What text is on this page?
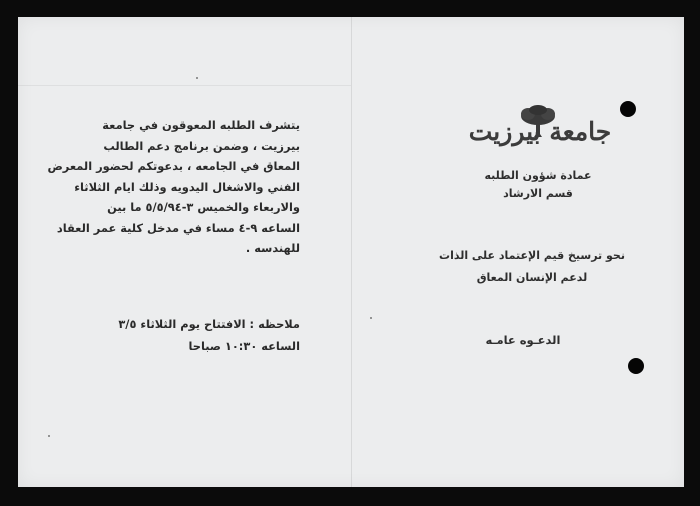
يتشرف الطلبه المعوقون في جامعة

بيرزيت ، وضمن برنامج دعم الطالب

المعاق في الجامعه ، بدعوتكم لحضور المعرض

الفني والاشغال اليدويه وذلك ايام الثلاثاء

والاربعاء والخميس ٣-٥/٥/٩٤ ما بين

الساعه ٩-٤ مساء في مدخل كلية عمر العقاد

للهندسه .

ملاحظه : الافتتاح يوم الثلاثاء ٣/٥
الساعه ١٠:٣٠ صباحا
جامعة بيرزيت
عمادة شؤون الطلبه
قسم الارشاد
نحو ترسيخ قيم الإعتماد على الذات
لدعم الإنسان المعاق
الدعـوه عامـه
